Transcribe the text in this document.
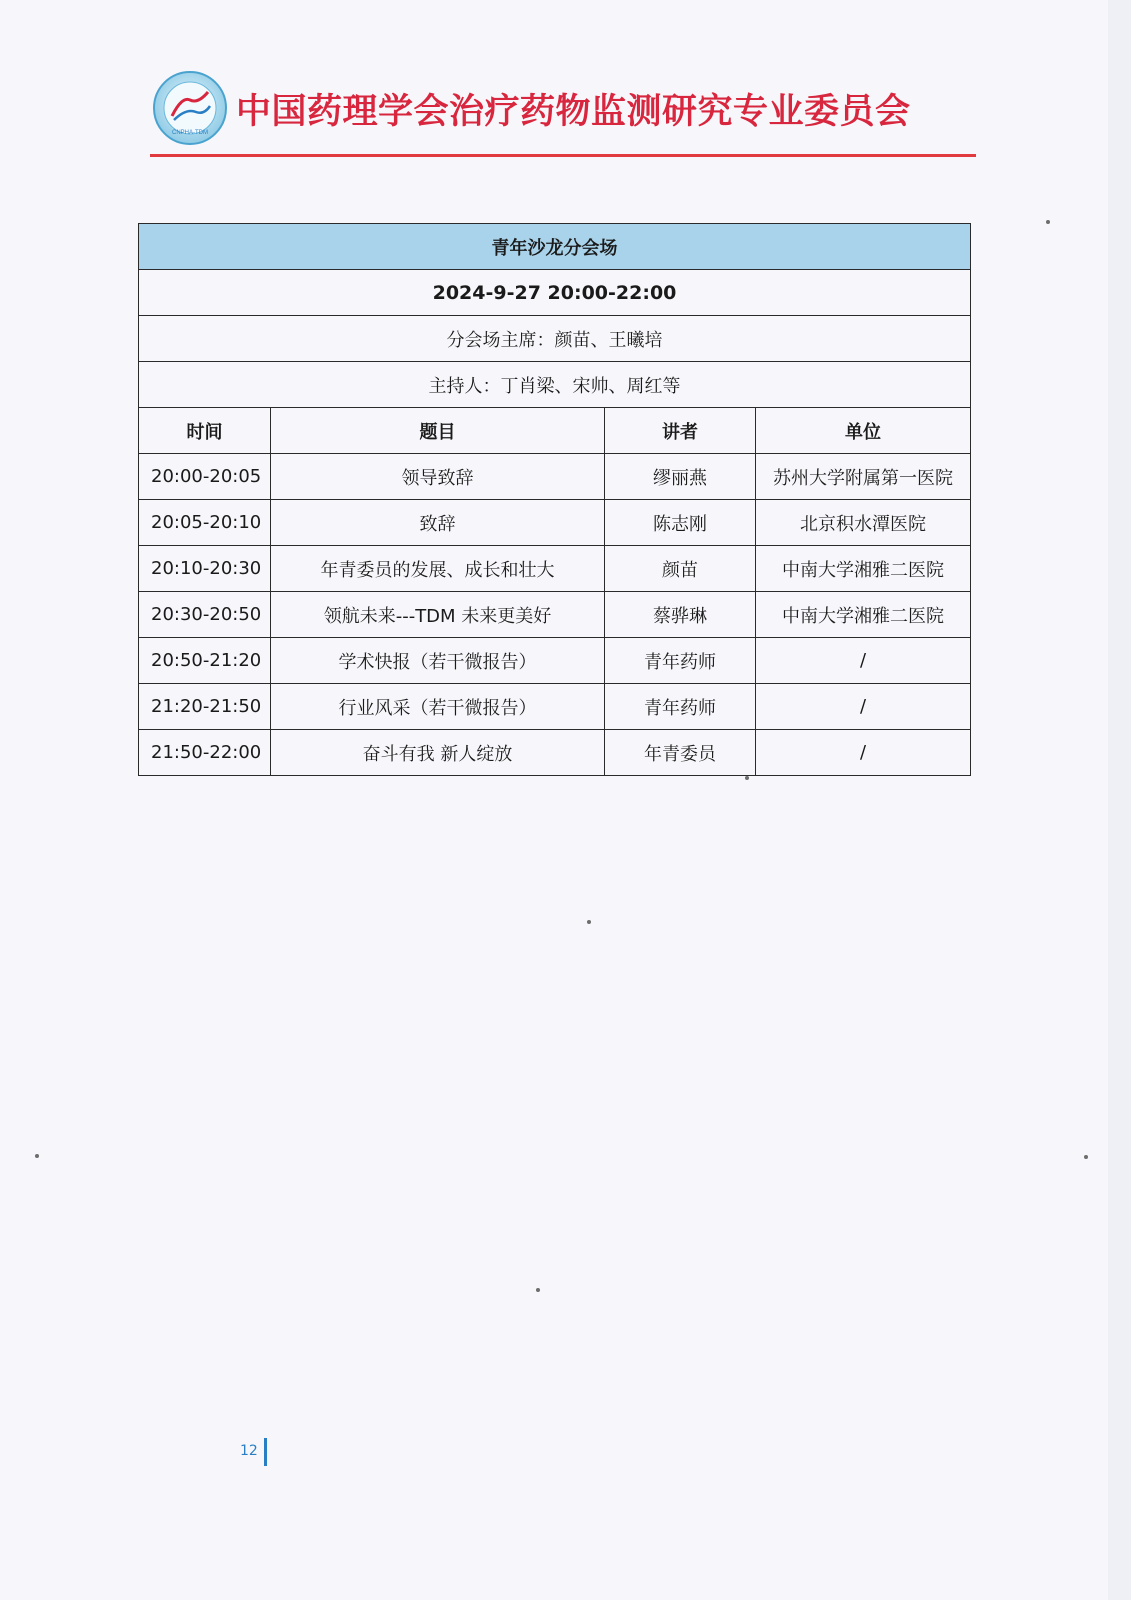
CNPHA-TDM
中国药理学会治疗药物监测研究专业委员会
青年沙龙分会场			
2024-9-27 20:00-22:00			
分会场主席：颜苗、王曦培			
主持人：丁肖梁、宋帅、周红等			
时间	题目	讲者	单位
20:00-20:05	领导致辞	缪丽燕	苏州大学附属第一医院
20:05-20:10	致辞	陈志刚	北京积水潭医院
20:10-20:30	年青委员的发展、成长和壮大	颜苗	中南大学湘雅二医院
20:30-20:50	领航未来---TDM 未来更美好	蔡骅琳	中南大学湘雅二医院
20:50-21:20	学术快报（若干微报告）	青年药师	/
21:20-21:50	行业风采（若干微报告）	青年药师	/
21:50-22:00	奋斗有我 新人绽放	年青委员	/
12
